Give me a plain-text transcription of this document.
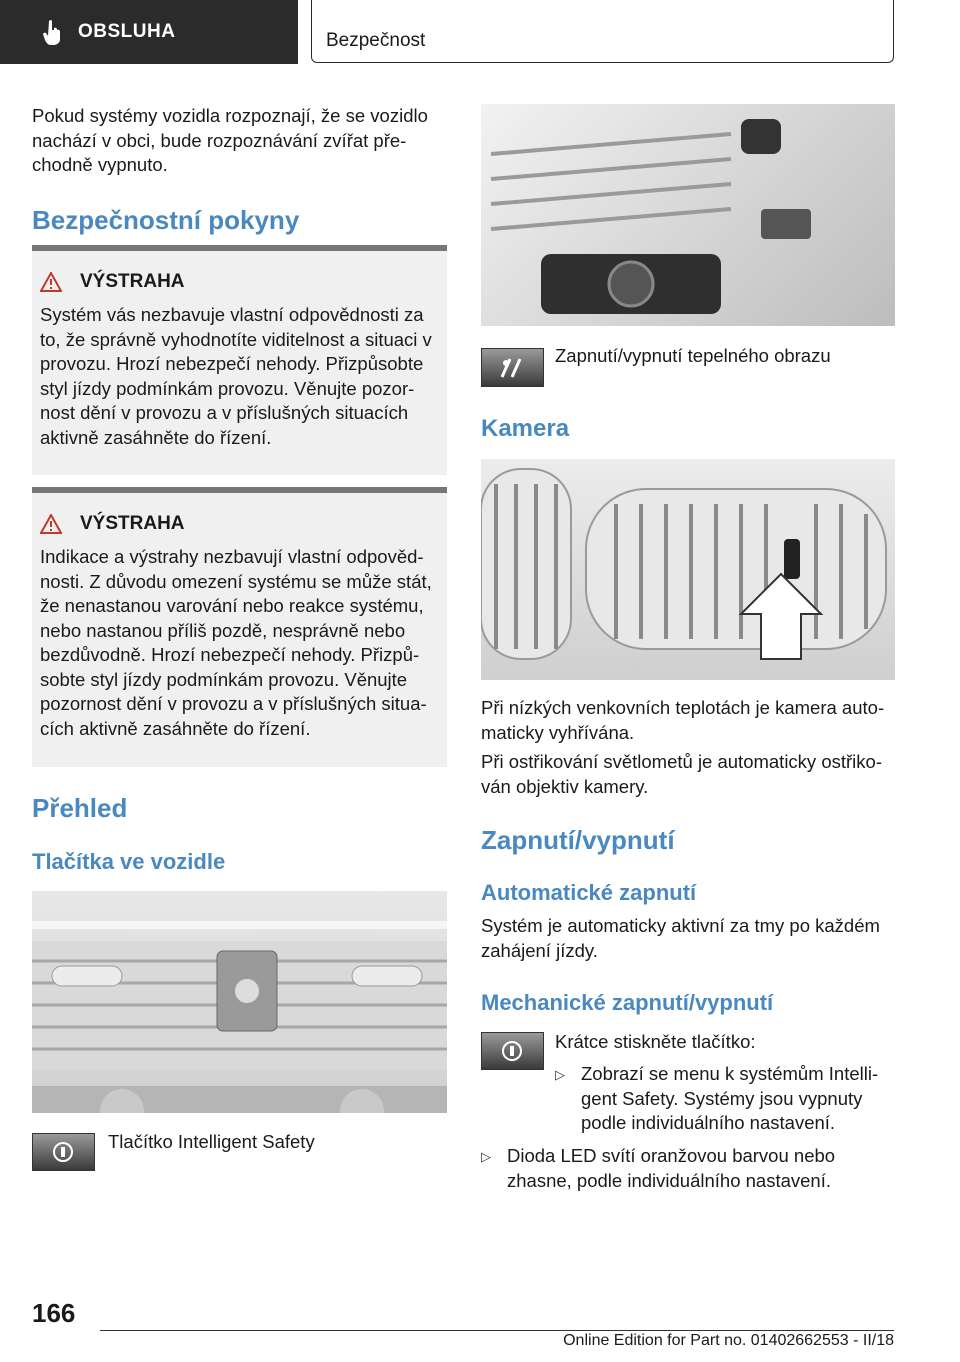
OBSLUHA	Bezpečnost

Pokud systémy vozidla rozpoznají, že se vozidlo nachází v obci, bude rozpoznávání zvířat přechodně vypnuto.

Bezpečnostní pokyny
VÝSTRAHA

Systém vás nezbavuje vlastní odpovědnosti za to, že správně vyhodnotíte viditelnost a situaci v provozu. Hrozí nebezpečí nehody. Přizpůsobte styl jízdy podmínkám provozu. Věnujte pozornost dění v provozu a v příslušných situacích aktivně zasáhněte do řízení.

VÝSTRAHA

Indikace a výstrahy nezbavují vlastní odpovědnosti. Z důvodu omezení systému se může stát, že nenastanou varování nebo reakce systému, nebo nastanou příliš pozdě, nesprávně nebo bezdůvodně. Hrozí nebezpečí nehody. Přizpůsobte styl jízdy podmínkám provozu. Věnujte pozornost dění v provozu a v příslušných situacích aktivně zasáhněte do řízení.

Přehled
Tlačítka ve vozidle

Tlačítko Intelligent Safety

Zapnutí/vypnutí tepelného obrazu

Kamera

Při nízkých venkovních teplotách je kamera automaticky vyhřívána.

Při ostřikování světlometů je automaticky ostřikován objektiv kamery.

Zapnutí/vypnutí
Automatické zapnutí

Systém je automaticky aktivní za tmy po každém zahájení jízdy.

Mechanické zapnutí/vypnutí

Krátce stiskněte tlačítko:

▷ Zobrazí se menu k systémům Intelligent Safety. Systémy jsou vypnuty podle individuálního nastavení.

▷ Dioda LED svítí oranžovou barvou nebo zhasne, podle individuálního nastavení.

166
Online Edition for Part no. 01402662553 - II/18
